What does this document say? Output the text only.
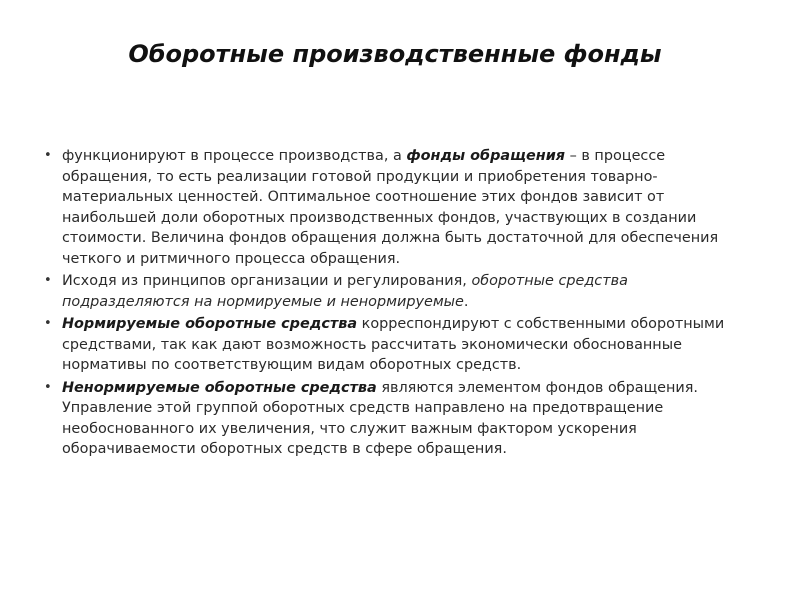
Оборотные производственные фонды
• функционируют в процессе производства, а фонды обращения – в процессе обращения, то есть реализации готовой продукции и приобретения товарно-материальных ценностей. Оптимальное соотношение этих фондов зависит от наибольшей доли оборотных производственных фондов, участвующих в создании стоимости. Величина фондов обращения должна быть достаточной для обеспечения четкого и ритмичного процесса обращения.
• Исходя из принципов организации и регулирования, оборотные средства подразделяются на нормируемые и ненормируемые.
• Нормируемые оборотные средства корреспондируют с собственными оборотными средствами, так как дают возможность рассчитать экономически обоснованные нормативы по соответствующим видам оборотных средств.
• Ненормируемые оборотные средства являются элементом фондов обращения. Управление этой группой оборотных средств направлено на предотвращение необоснованного их увеличения, что служит важным фактором ускорения оборачиваемости оборотных средств в сфере обращения.
